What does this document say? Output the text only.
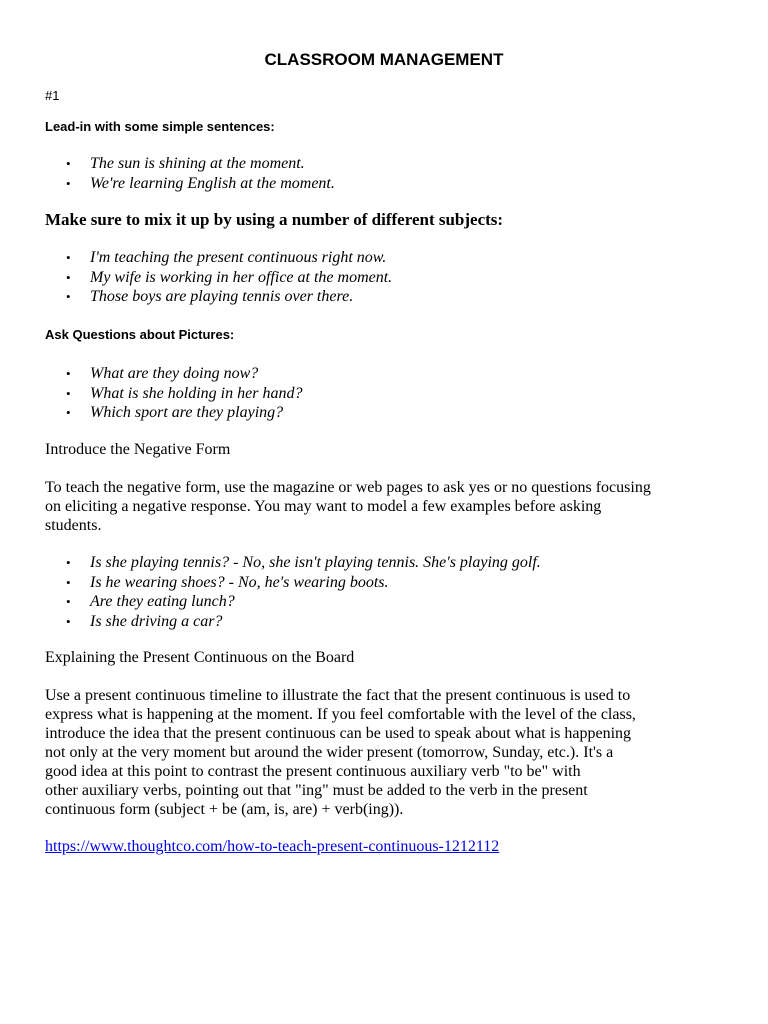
CLASSROOM MANAGEMENT
#1
Lead-in with some simple sentences:
• The sun is shining at the moment.
• We're learning English at the moment.
Make sure to mix it up by using a number of different subjects:
• I'm teaching the present continuous right now.
• My wife is working in her office at the moment.
• Those boys are playing tennis over there.
Ask Questions about Pictures:
• What are they doing now?
• What is she holding in her hand?
• Which sport are they playing?
Introduce the Negative Form

To teach the negative form, use the magazine or web pages to ask yes or no questions focusing
on eliciting a negative response. You may want to model a few examples before asking
students.

• Is she playing tennis? - No, she isn't playing tennis. She's playing golf.
• Is he wearing shoes? - No, he's wearing boots.
• Are they eating lunch?
• Is she driving a car?
Explaining the Present Continuous on the Board

Use a present continuous timeline to illustrate the fact that the present continuous is used to
express what is happening at the moment. If you feel comfortable with the level of the class,
introduce the idea that the present continuous can be used to speak about what is happening
not only at the very moment but around the wider present (tomorrow, Sunday, etc.). It's a
good idea at this point to contrast the present continuous auxiliary verb "to be" with
other auxiliary verbs, pointing out that "ing" must be added to the verb in the present
continuous form (subject + be (am, is, are) + verb(ing)).

https://www.thoughtco.com/how-to-teach-present-continuous-1212112
